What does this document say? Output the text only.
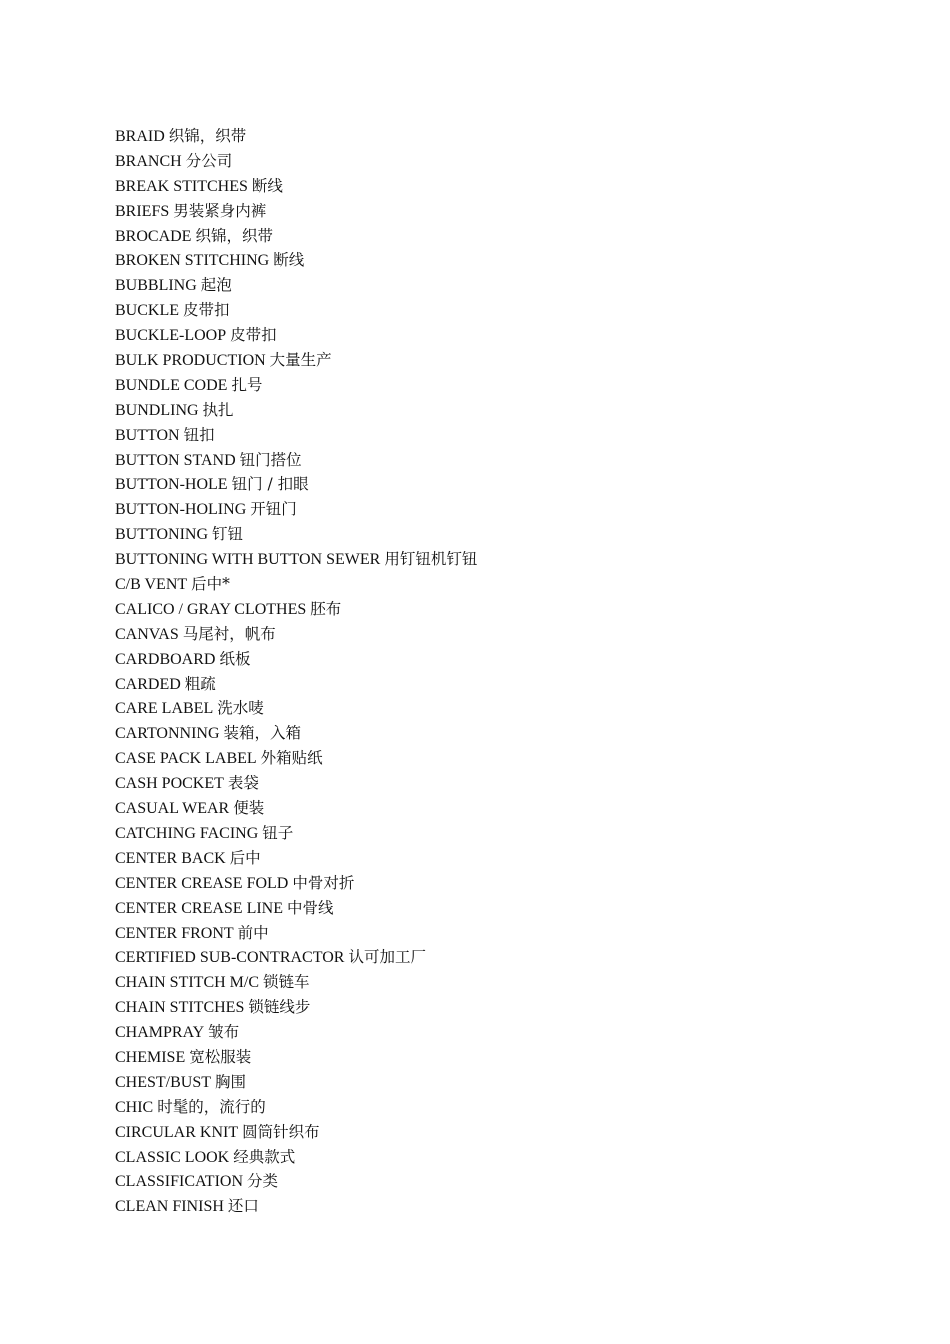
BRAID 织锦，织带
BRANCH 分公司
BREAK STITCHES 断线
BRIEFS 男装紧身内裤
BROCADE 织锦，织带
BROKEN STITCHING 断线
BUBBLING 起泡
BUCKLE 皮带扣
BUCKLE-LOOP 皮带扣
BULK PRODUCTION 大量生产
BUNDLE CODE 扎号
BUNDLING 执扎
BUTTON 钮扣
BUTTON STAND 钮门搭位
BUTTON-HOLE 钮门 / 扣眼
BUTTON-HOLING 开钮门
BUTTONING 钉钮
BUTTONING WITH BUTTON SEWER 用钉钮机钉钮
C/B VENT 后中*
CALICO / GRAY CLOTHES 胚布
CANVAS 马尾衬，帆布
CARDBOARD 纸板
CARDED 粗疏
CARE LABEL 洗水唛
CARTONNING 装箱，入箱
CASE PACK LABEL 外箱贴纸
CASH POCKET 表袋
CASUAL WEAR 便装
CATCHING FACING 钮子
CENTER BACK 后中
CENTER CREASE FOLD 中骨对折
CENTER CREASE LINE 中骨线
CENTER FRONT 前中
CERTIFIED SUB-CONTRACTOR 认可加工厂
CHAIN STITCH M/C 锁链车
CHAIN STITCHES 锁链线步
CHAMPRAY 皱布
CHEMISE 宽松服装
CHEST/BUST 胸围
CHIC 时髦的，流行的
CIRCULAR KNIT 圆筒针织布
CLASSIC LOOK 经典款式
CLASSIFICATION 分类
CLEAN FINISH 还口
